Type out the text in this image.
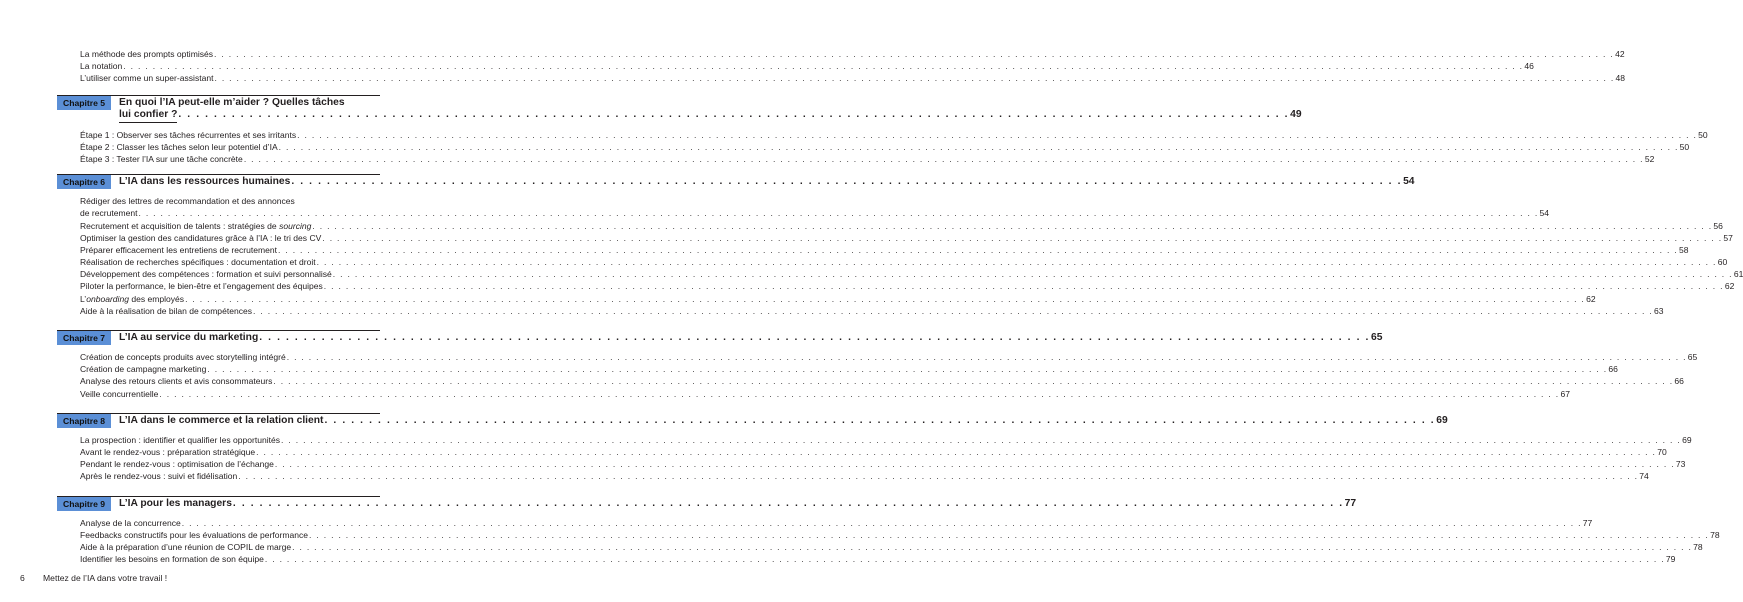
La méthode des prompts optimisés . . .	42
La notation . . .	46
L’utiliser comme un super-assistant . . .	48
Chapitre 5	En quoi l’IA peut-elle m’aider ? Quelles tâches
lui confier ? . . .	49
Étape 1 : Observer ses tâches récurrentes et ses irritants . . .	50
Étape 2 : Classer les tâches selon leur potentiel d’IA . . .	50
Étape 3 : Tester l’IA sur une tâche concrète . . .	52
Chapitre 6	L’IA dans les ressources humaines . . .	54
Rédiger des lettres de recommandation et des annonces
de recrutement . . .	54
Recrutement et acquisition de talents : stratégies de sourcing . . .	56
Optimiser la gestion des candidatures grâce à l’IA : le tri des CV . . .	57
Préparer efficacement les entretiens de recrutement . . .	58
Réalisation de recherches spécifiques : documentation et droit . . .	60
Développement des compétences : formation et suivi personnalisé . . .	61
Piloter la performance, le bien-être et l’engagement des équipes . . .	62
L’onboarding des employés . . .	62
Aide à la réalisation de bilan de compétences . . .	63
Chapitre 7	L’IA au service du marketing . . .	65
Création de concepts produits avec storytelling intégré . . .	65
Création de campagne marketing . . .	66
Analyse des retours clients et avis consommateurs . . .	66
Veille concurrentielle . . .	67
Chapitre 8	L’IA dans le commerce et la relation client . . .	69
La prospection : identifier et qualifier les opportunités . . .	69
Avant le rendez-vous : préparation stratégique . . .	70
Pendant le rendez-vous : optimisation de l’échange . . .	73
Après le rendez-vous : suivi et fidélisation . . .	74
Chapitre 9	L’IA pour les managers . . .	77
Analyse de la concurrence . . .	77
Feedbacks constructifs pour les évaluations de performance . . .	78
Aide à la préparation d’une réunion de COPIL de marge . . .	78
Identifier les besoins en formation de son équipe . . .	79
6 Mettez de l’IA dans votre travail !
